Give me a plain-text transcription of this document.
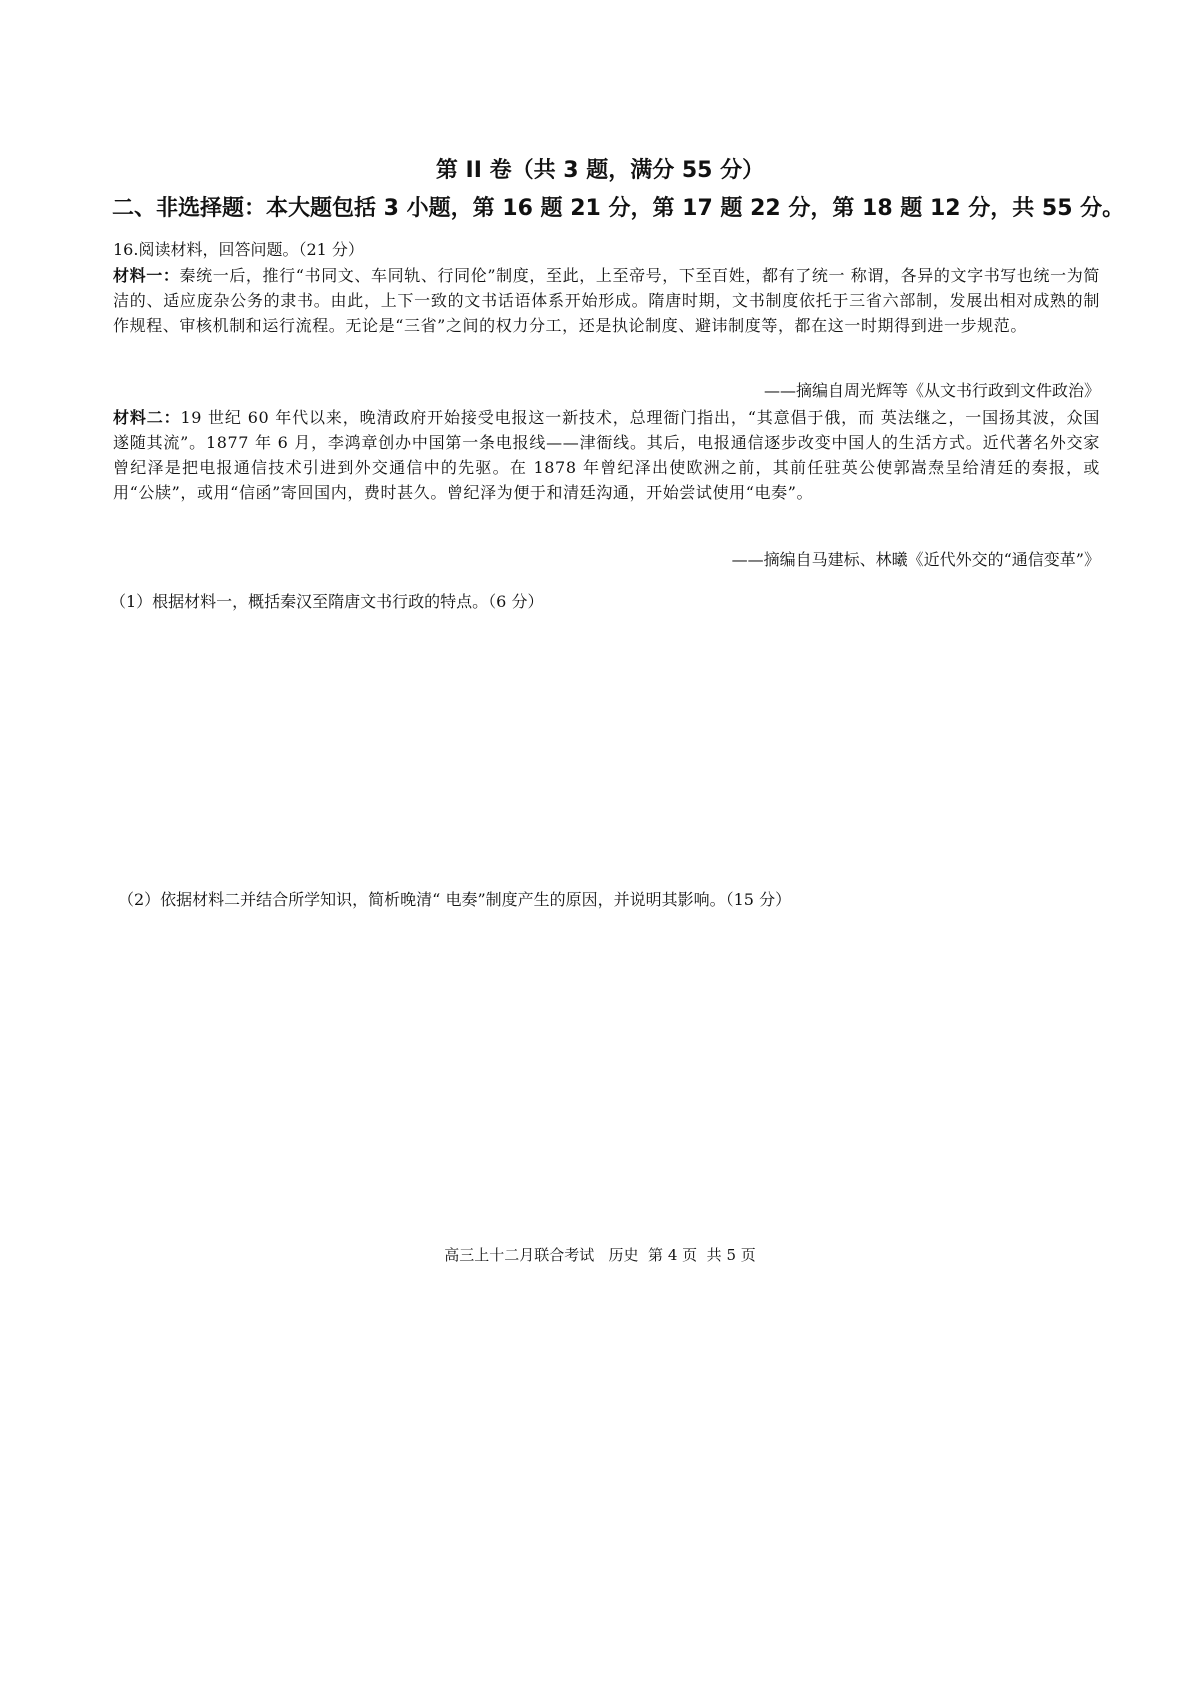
第 II 卷（共 3 题，满分 55 分）
二、非选择题：本大题包括 3 小题，第 16 题 21 分，第 17 题 22 分，第 18 题 12 分，共 55 分。
16.阅读材料，回答问题。（21 分）
材料一：秦统一后，推行“书同文、车同轨、行同伦”制度，至此，上至帝号，下至百姓，都有了统一 称谓，各异的文字书写也统一为简洁的、适应庞杂公务的隶书。由此，上下一致的文书话语体系开始形成。隋唐时期，文书制度依托于三省六部制，发展出相对成熟的制作规程、审核机制和运行流程。无论是“三省”之间的权力分工，还是执论制度、避讳制度等，都在这一时期得到进一步规范。
——摘编自周光辉等《从文书行政到文件政治》
材料二：19 世纪 60 年代以来，晚清政府开始接受电报这一新技术，总理衙门指出，“其意倡于俄，而 英法继之，一国扬其波，众国遂随其流”。1877 年 6 月，李鸿章创办中国第一条电报线——津衙线。其后，电报通信逐步改变中国人的生活方式。近代著名外交家曾纪泽是把电报通信技术引进到外交通信中的先驱。在 1878 年曾纪泽出使欧洲之前，其前任驻英公使郭嵩焘呈给清廷的奏报，或用“公牍”，或用“信函”寄回国内，费时甚久。曾纪泽为便于和清廷沟通，开始尝试使用“电奏”。
——摘编自马建标、林曦《近代外交的“通信变革”》
（1）根据材料一，概括秦汉至隋唐文书行政的特点。（6 分）
（2）依据材料二并结合所学知识，简析晚清“ 电奏”制度产生的原因，并说明其影响。（15 分）
高三上十二月联合考试   历史  第 4 页  共 5 页
